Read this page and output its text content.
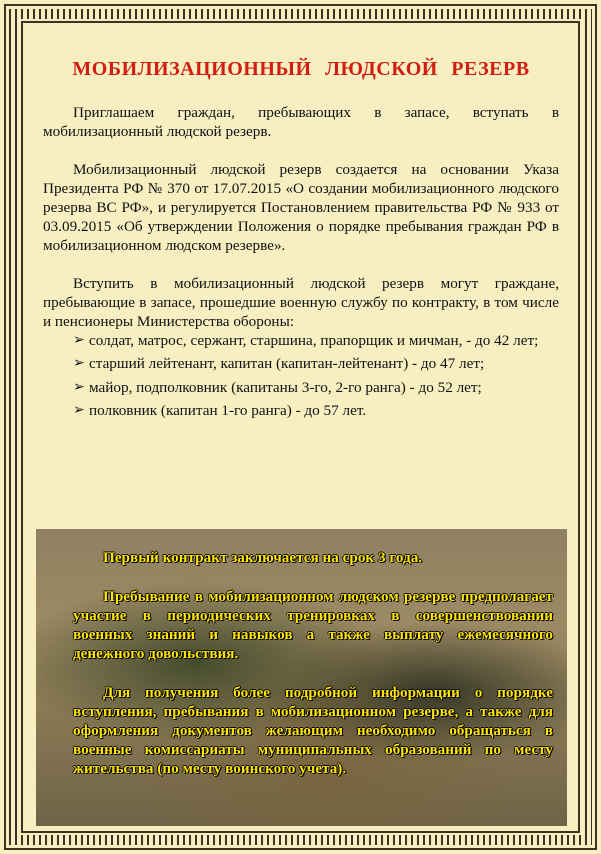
МОБИЛИЗАЦИОННЫЙ ЛЮДСКОЙ РЕЗЕРВ

Приглашаем граждан, пребывающих в запасе, вступать в мобилизационный людской резерв.

Мобилизационный людской резерв создается на основании Указа Президента РФ № 370 от 17.07.2015 «О создании мобилизационного людского резерва ВС РФ», и регулируется Постановлением правительства РФ № 933 от 03.09.2015 «Об утверждении Положения о порядке пребывания граждан РФ в мобилизационном людском резерве».

Вступить в мобилизационный людской резерв могут граждане, пребывающие в запасе, прошедшие военную службу по контракту, в том числе и пенсионеры Министерства обороны:

➢ солдат, матрос, сержант, старшина, прапорщик и мичман, - до 42 лет;
➢ старший лейтенант, капитан (капитан-лейтенант) - до 47 лет;
➢ майор, подполковник (капитаны 3-го, 2-го ранга) - до 52 лет;
➢ полковник (капитан 1-го ранга) - до 57 лет.

Первый контракт заключается на срок 3 года.

Пребывание в мобилизационном людском резерве предполагает участие в периодических тренировках в совершенствовании военных знаний и навыков а также выплату ежемесячного денежного довольствия.

Для получения более подробной информации о порядке вступления, пребывания в мобилизационном резерве, а также для оформления документов желающим необходимо обращаться в военные комиссариаты муниципальных образований по месту жительства (по месту воинского учета).
